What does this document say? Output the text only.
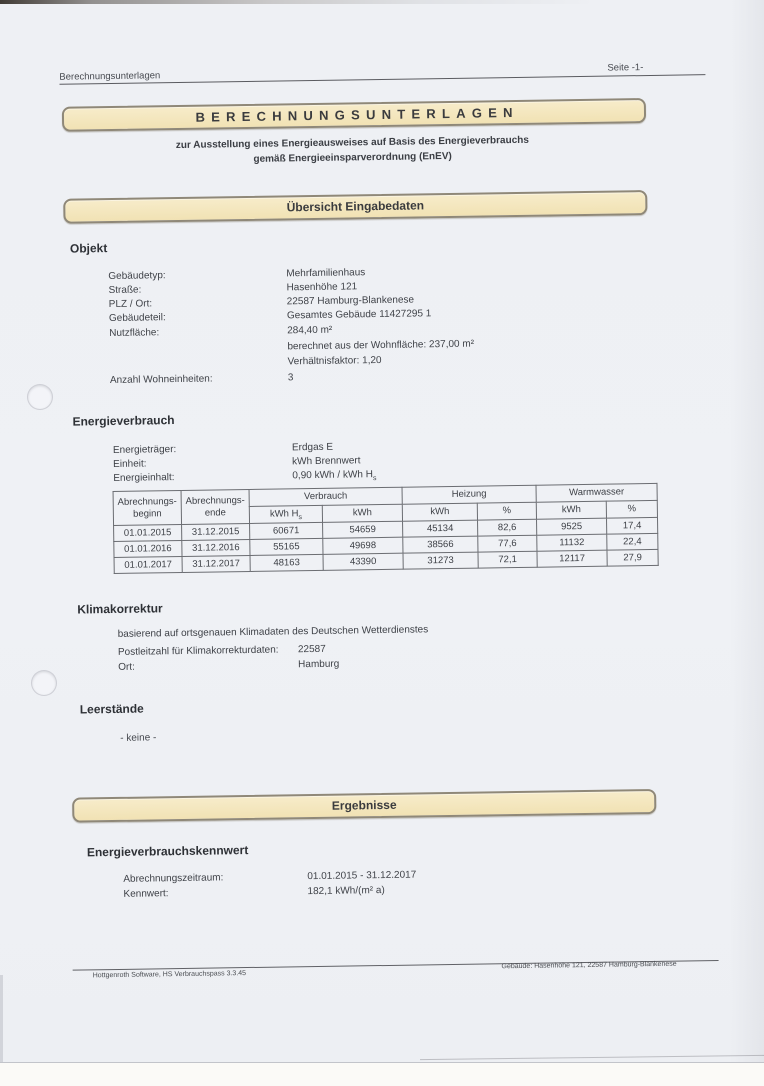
Berechnungsunterlagen
Seite -1-
BERECHNUNGSUNTERLAGEN
zur Ausstellung eines Energieausweises auf Basis des Energieverbrauchs
gemäß Energieeinsparverordnung (EnEV)
Übersicht Eingabedaten
Objekt
Gebäudetyp:	Mehrfamilienhaus
Straße:	Hasenhöhe 121
PLZ / Ort:	22587 Hamburg-Blankenese
Gebäudeteil:	Gesamtes Gebäude 11427295 1
Nutzfläche:	284,40 m²
berechnet aus der Wohnfläche: 237,00 m²
Verhältnisfaktor: 1,20
Anzahl Wohneinheiten:	3
Energieverbrauch
Energieträger:	Erdgas E
Einheit:	kWh Brennwert
Energieinhalt:	0,90 kWh / kWh $H_s$
Abrechnungs-
beginn

Abrechnungs-
ende
	Verbrauch	Heizung	Warmwasser
		kWh $H_s$	kWh	kWh	%	kWh	%
01.01.2015	31.12.2015	60671	54659	45134	82,6	9525	17,4
01.01.2016	31.12.2016	55165	49698	38566	77,6	11132	22,4
01.01.2017	31.12.2017	48163	43390	31273	72,1	12117	27,9
Klimakorrektur
basierend auf ortsgenauen Klimadaten des Deutschen Wetterdienstes
Postleitzahl für Klimakorrekturdaten:	22587
Ort:	Hamburg
Leerstände
- keine -
Ergebnisse
Energieverbrauchskennwert
Abrechnungszeitraum:	01.01.2015 - 31.12.2017
Kennwert:	182,1 kWh/(m² a)
Hottgenroth Software, HS Verbrauchspass 3.3.45
Gebäude: Hasenhöhe 121, 22587 Hamburg-Blankenese
